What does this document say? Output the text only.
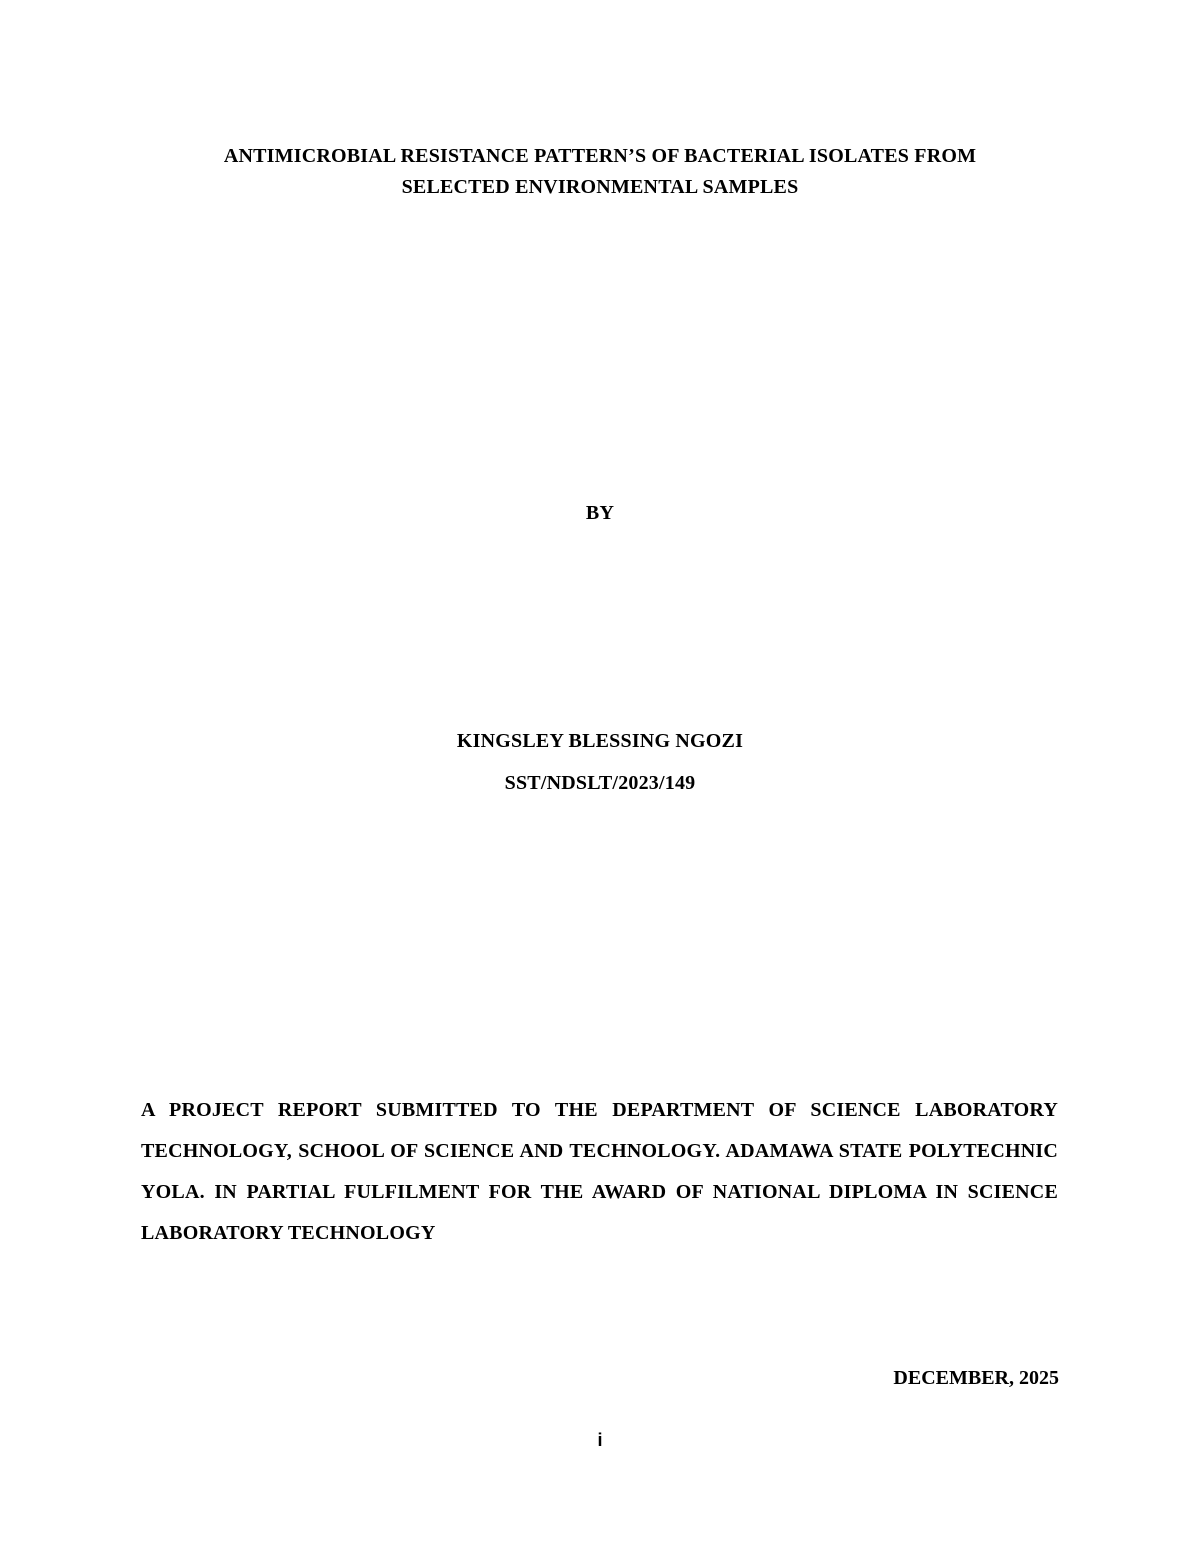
ANTIMICROBIAL RESISTANCE PATTERN’S OF BACTERIAL ISOLATES FROM
SELECTED ENVIRONMENTAL SAMPLES
BY
KINGSLEY BLESSING NGOZI
SST/NDSLT/2023/149
A PROJECT REPORT SUBMITTED TO THE DEPARTMENT OF SCIENCE LABORATORY TECHNOLOGY, SCHOOL OF SCIENCE AND TECHNOLOGY. ADAMAWA STATE POLYTECHNIC YOLA. IN PARTIAL FULFILMENT FOR THE AWARD OF NATIONAL DIPLOMA IN SCIENCE LABORATORY TECHNOLOGY
DECEMBER, 2025
i
